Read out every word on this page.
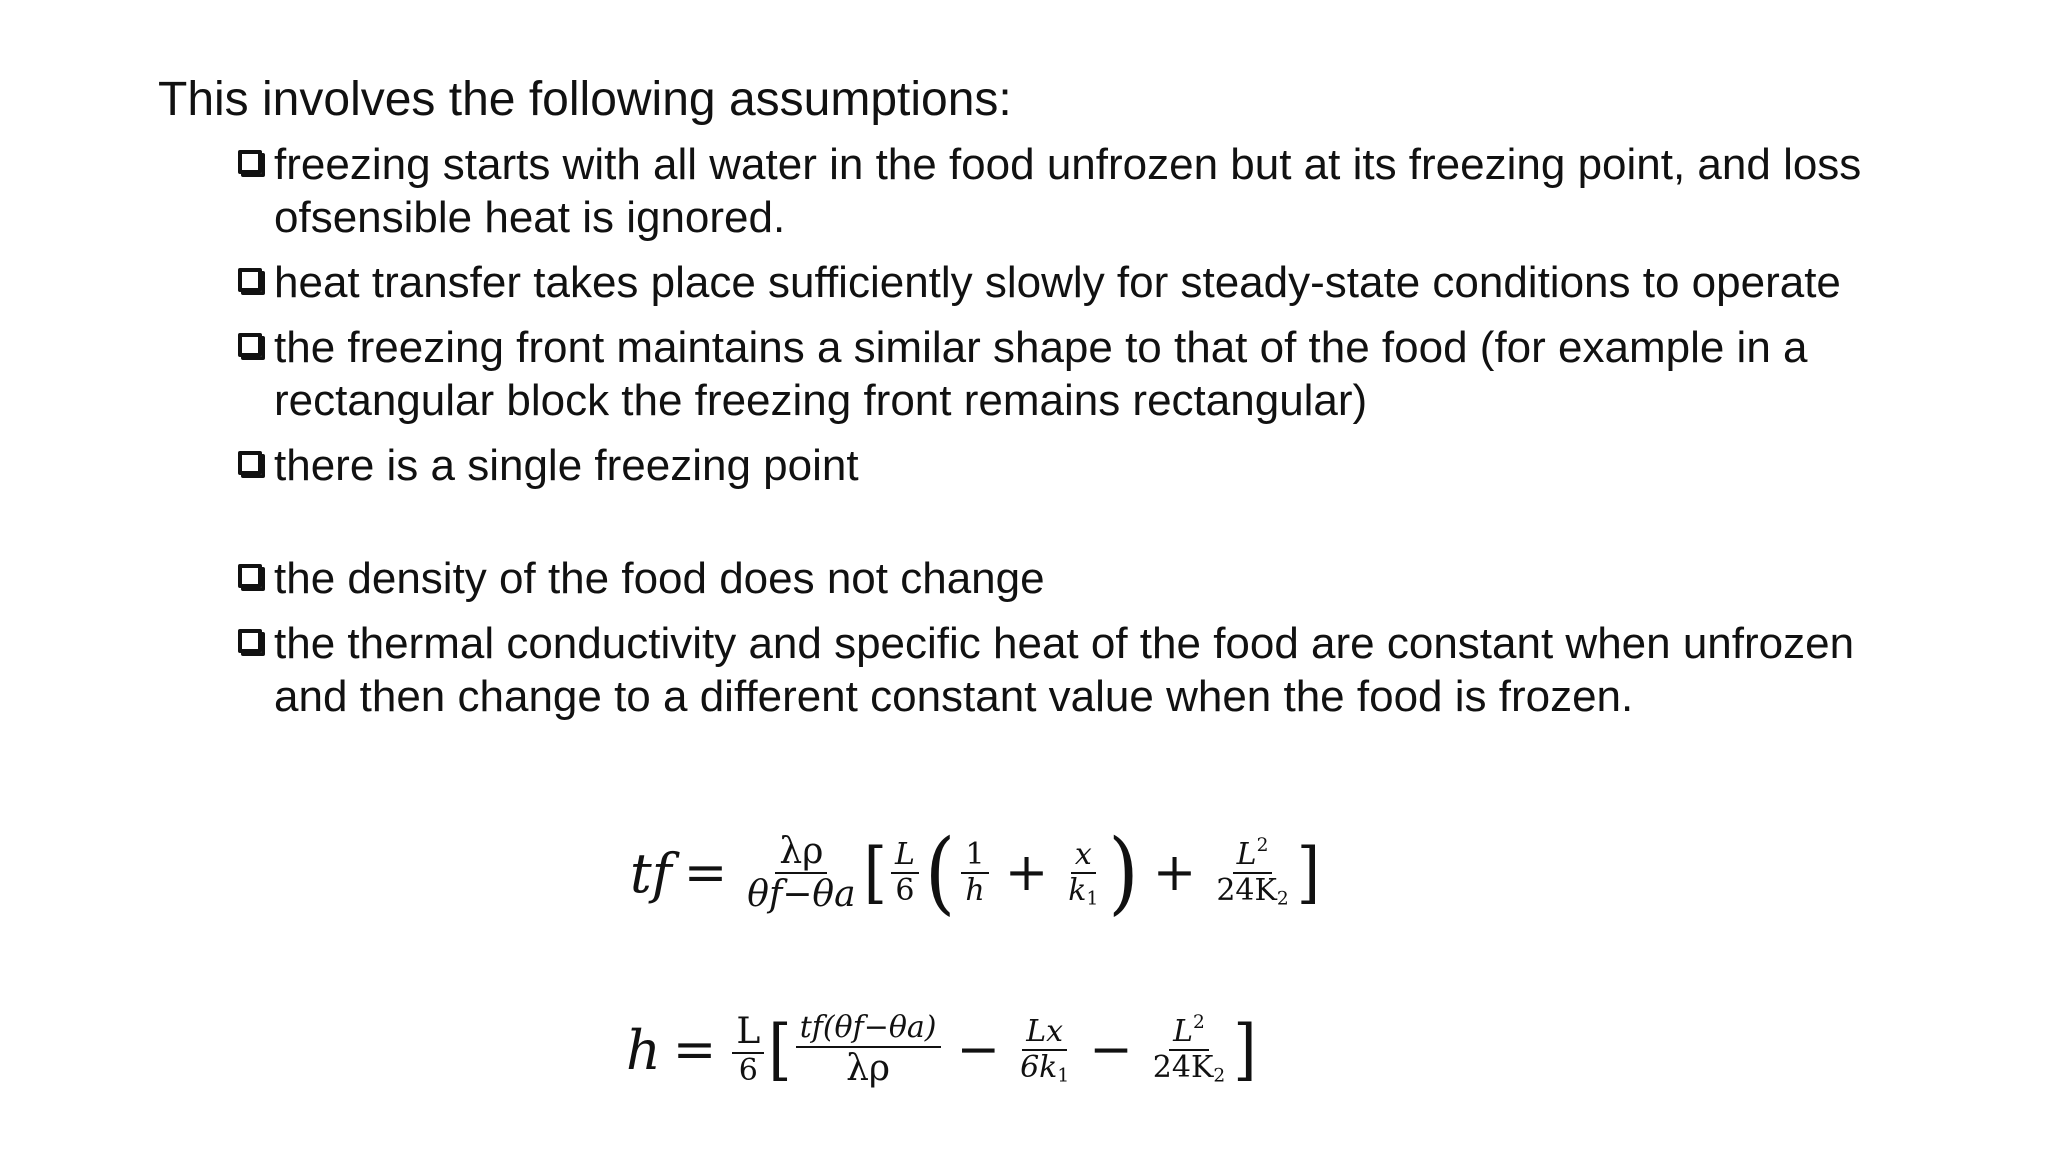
This involves the following assumptions:
freezing starts with all water in the food unfrozen but at its freezing point, and loss ofsensible heat is ignored.
heat transfer takes place sufficiently slowly for steady-state conditions to operate
the freezing front maintains a similar shape to that of the food (for example in a rectangular block the freezing front remains rectangular)
there is a single freezing point
the density of the food does not change
the thermal conductivity and specific heat of the food are constant when unfrozen and then change to a different constant value when the food is frozen.
tf = $\frac{\lambda\rho}{\theta f-\theta a}$ [ $\frac{L}{6}$ ( $\frac{1}{h} + \frac{x}{k_1}$ ) + $\frac{L^2}{24K_2}$ ]
$h = \frac{L}{6}$ [ $\frac{tf(\theta f-\theta a)}{\lambda\rho} - \frac{Lx}{6k_1} - \frac{L^2}{24K_2}$ ]
